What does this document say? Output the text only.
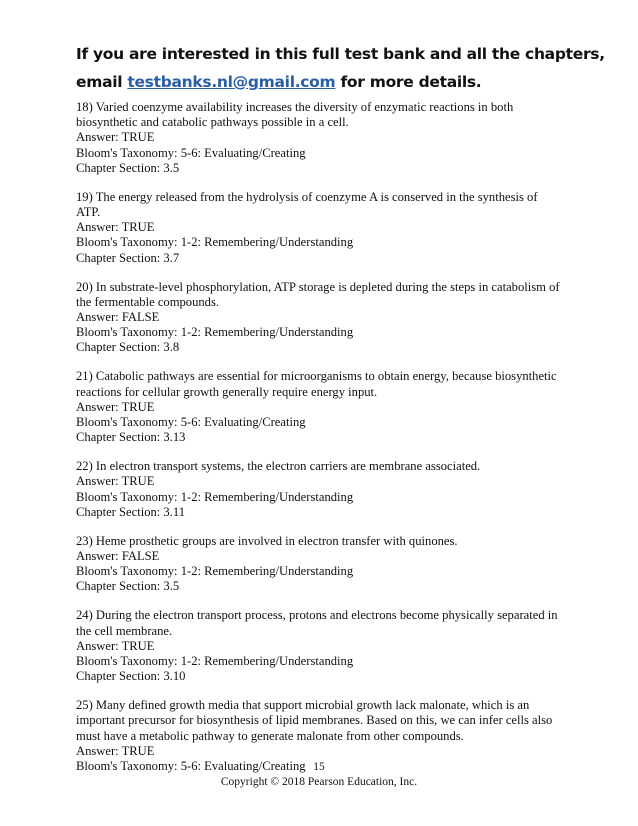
If you are interested in this full test bank and all the chapters,
email testbanks.nl@gmail.com for more details.
18) Varied coenzyme availability increases the diversity of enzymatic reactions in both
biosynthetic and catabolic pathways possible in a cell.
Answer: TRUE
Bloom's Taxonomy: 5-6: Evaluating/Creating
Chapter Section: 3.5
19) The energy released from the hydrolysis of coenzyme A is conserved in the synthesis of
ATP.
Answer: TRUE
Bloom's Taxonomy: 1-2: Remembering/Understanding
Chapter Section: 3.7
20) In substrate-level phosphorylation, ATP storage is depleted during the steps in catabolism of
the fermentable compounds.
Answer: FALSE
Bloom's Taxonomy: 1-2: Remembering/Understanding
Chapter Section: 3.8
21) Catabolic pathways are essential for microorganisms to obtain energy, because biosynthetic
reactions for cellular growth generally require energy input.
Answer: TRUE
Bloom's Taxonomy: 5-6: Evaluating/Creating
Chapter Section: 3.13
22) In electron transport systems, the electron carriers are membrane associated.
Answer: TRUE
Bloom's Taxonomy: 1-2: Remembering/Understanding
Chapter Section: 3.11
23) Heme prosthetic groups are involved in electron transfer with quinones.
Answer: FALSE
Bloom's Taxonomy: 1-2: Remembering/Understanding
Chapter Section: 3.5
24) During the electron transport process, protons and electrons become physically separated in
the cell membrane.
Answer: TRUE
Bloom's Taxonomy: 1-2: Remembering/Understanding
Chapter Section: 3.10
25) Many defined growth media that support microbial growth lack malonate, which is an
important precursor for biosynthesis of lipid membranes. Based on this, we can infer cells also
must have a metabolic pathway to generate malonate from other compounds.
Answer: TRUE
Bloom's Taxonomy: 5-6: Evaluating/Creating 15
Copyright © 2018 Pearson Education, Inc.
